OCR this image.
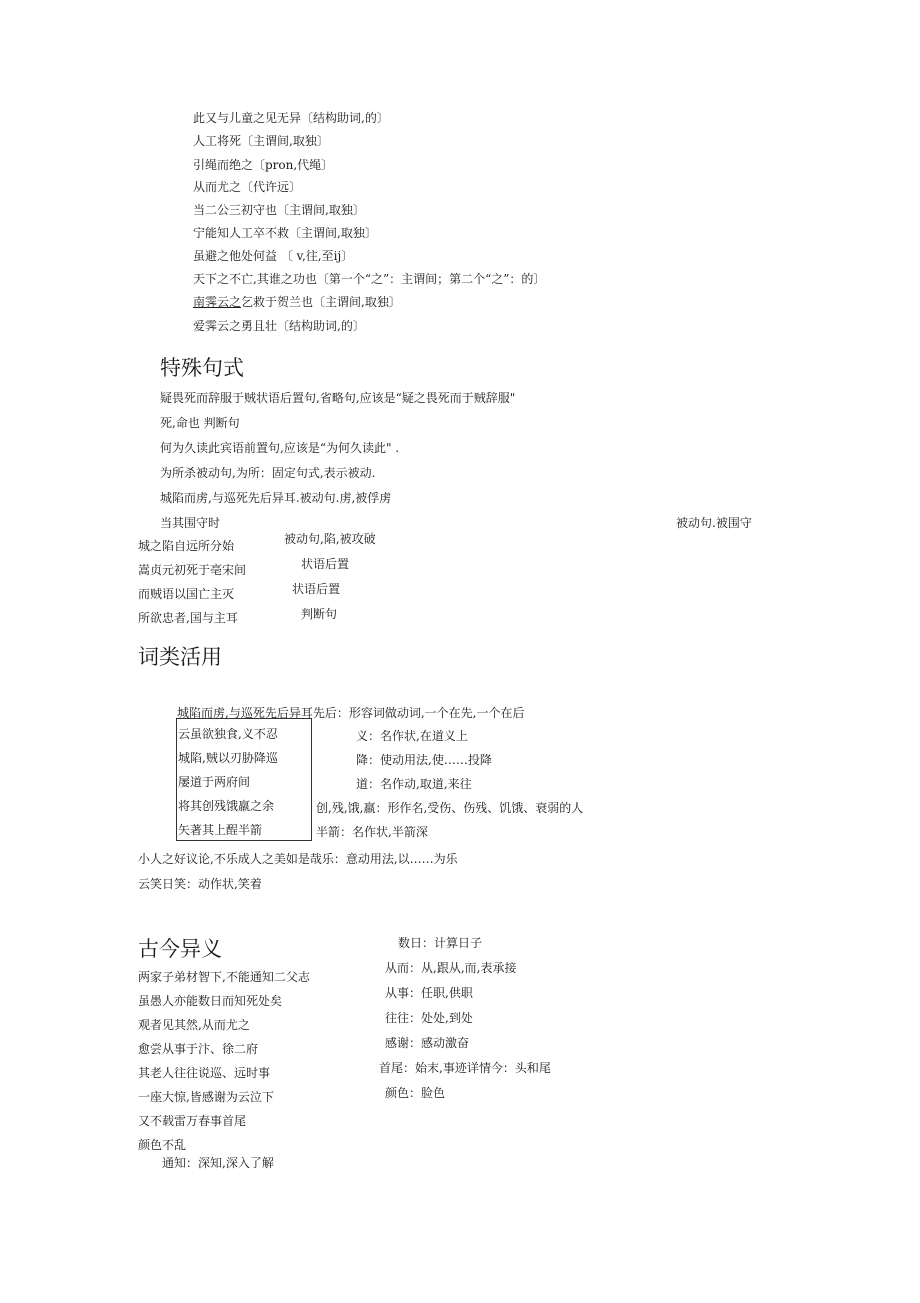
此又与儿童之见无异〔结构助词,的〕
人工将死〔主谓间,取独〕
引绳而绝之〔pron,代绳〕
从而尤之〔代许远〕
当二公三初守也〔主谓间,取独〕
宁能知人工卒不救〔主谓间,取独〕
虽避之他处何益 〔 v,往,至ij〕
天下之不亡,其谁之功也〔第一个“之”：主谓间；第二个“之”：的〕
南霁云之乞救于贺兰也〔主谓间,取独〕
爱霁云之勇且壮〔结构助词,的〕
特殊句式
疑畏死而辞服于贼状语后置句,省略句,应该是“疑之畏死而于贼辞服"
死,命也 判断句
何为久读此宾语前置句,应该是“为何久读此" .
为所杀被动句,为所：固定句式,表示被动.
城陷而虏,与巡死先后异耳.被动句.虏,被俘虏
当其围守时	被动句.被围守
城之陷自远所分始
嵩贞元初死于亳宋间
而贼语以国亡主灭
所欲忠者,国与主耳
被动句,陷,被攻破
状语后置
状语后置
判断句
词类活用
城陷而虏,与巡死先后异耳先后：形容词做动词,一个在先,一个在后
云虽欲独食,义不忍
城陷,贼以刃胁降巡
屡道于两府间
将其创残饿羸之余
矢著其上酲半箭
义：名作状,在道义上
降：使动用法,使……投降
道：名作动,取道,来往
创,残,饿,羸：形作名,受伤、伤残、饥饿、衰弱的人
半箭：名作状,半箭深
小人之好议论,不乐成人之美如是哉乐：意动用法,以……为乐
云笑日笑：动作状,笑着
古今异义
两家子弟材智下,不能通知二父志
虽愚人亦能数日而知死处矣
观者见其然,从而尤之
愈尝从事于汴、徐二府
其老人往往说巡、远时事
一座大惊,皆感谢为云泣下
又不载雷万春事首尾
颜色不乱
通知：深知,深入了解
数日：计算日子
从而：从,跟从,而,表承接
从事：任职,供职
往往：处处,到处
感谢：感动激奋
首尾：始末,事迹详情今：头和尾
颜色：脸色
